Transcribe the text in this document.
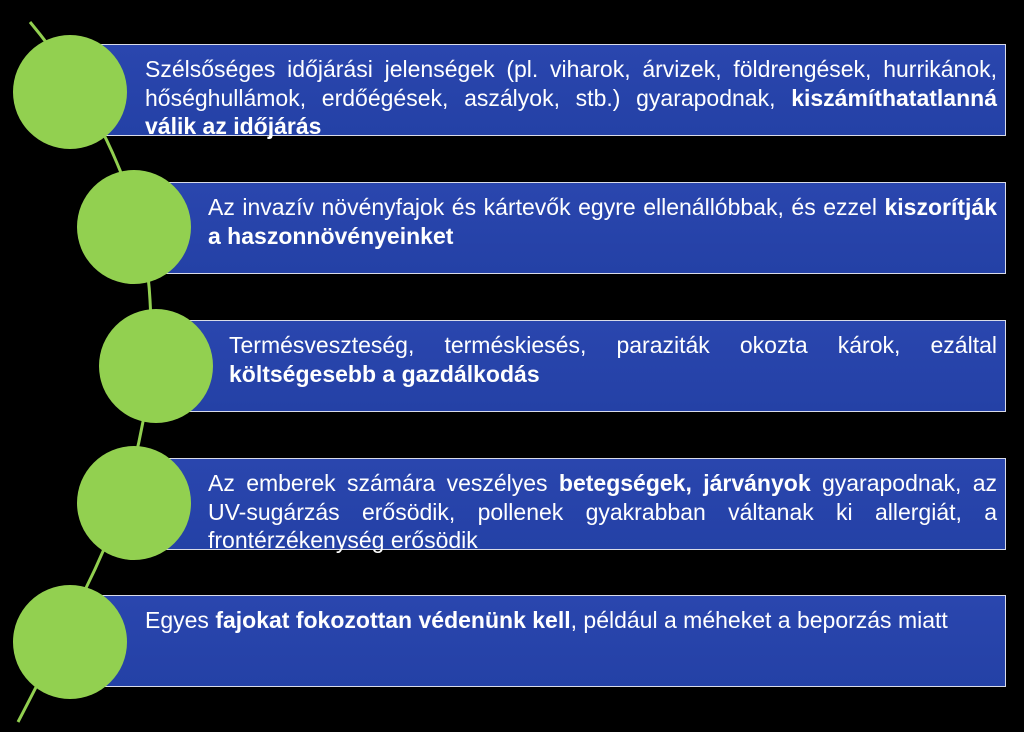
Szélsőséges időjárási jelenségek (pl. viharok, árvizek, földrengések, hurrikánok, hőséghullámok, erdőégések, aszályok, stb.) gyarapodnak, kiszámíthatatlanná válik az időjárás
Az invazív növényfajok és kártevők egyre ellenállóbbak, és ezzel kiszorítják a haszonnövényeinket
Termésveszteség, terméskiesés, paraziták okozta károk, ezáltal költségesebb a gazdálkodás
Az emberek számára veszélyes betegségek, járványok gyarapodnak, az UV-sugárzás erősödik, pollenek gyakrabban váltanak ki allergiát, a frontérzékenység erősödik
Egyes fajokat fokozottan védenünk kell, például a méheket a beporzás miatt
